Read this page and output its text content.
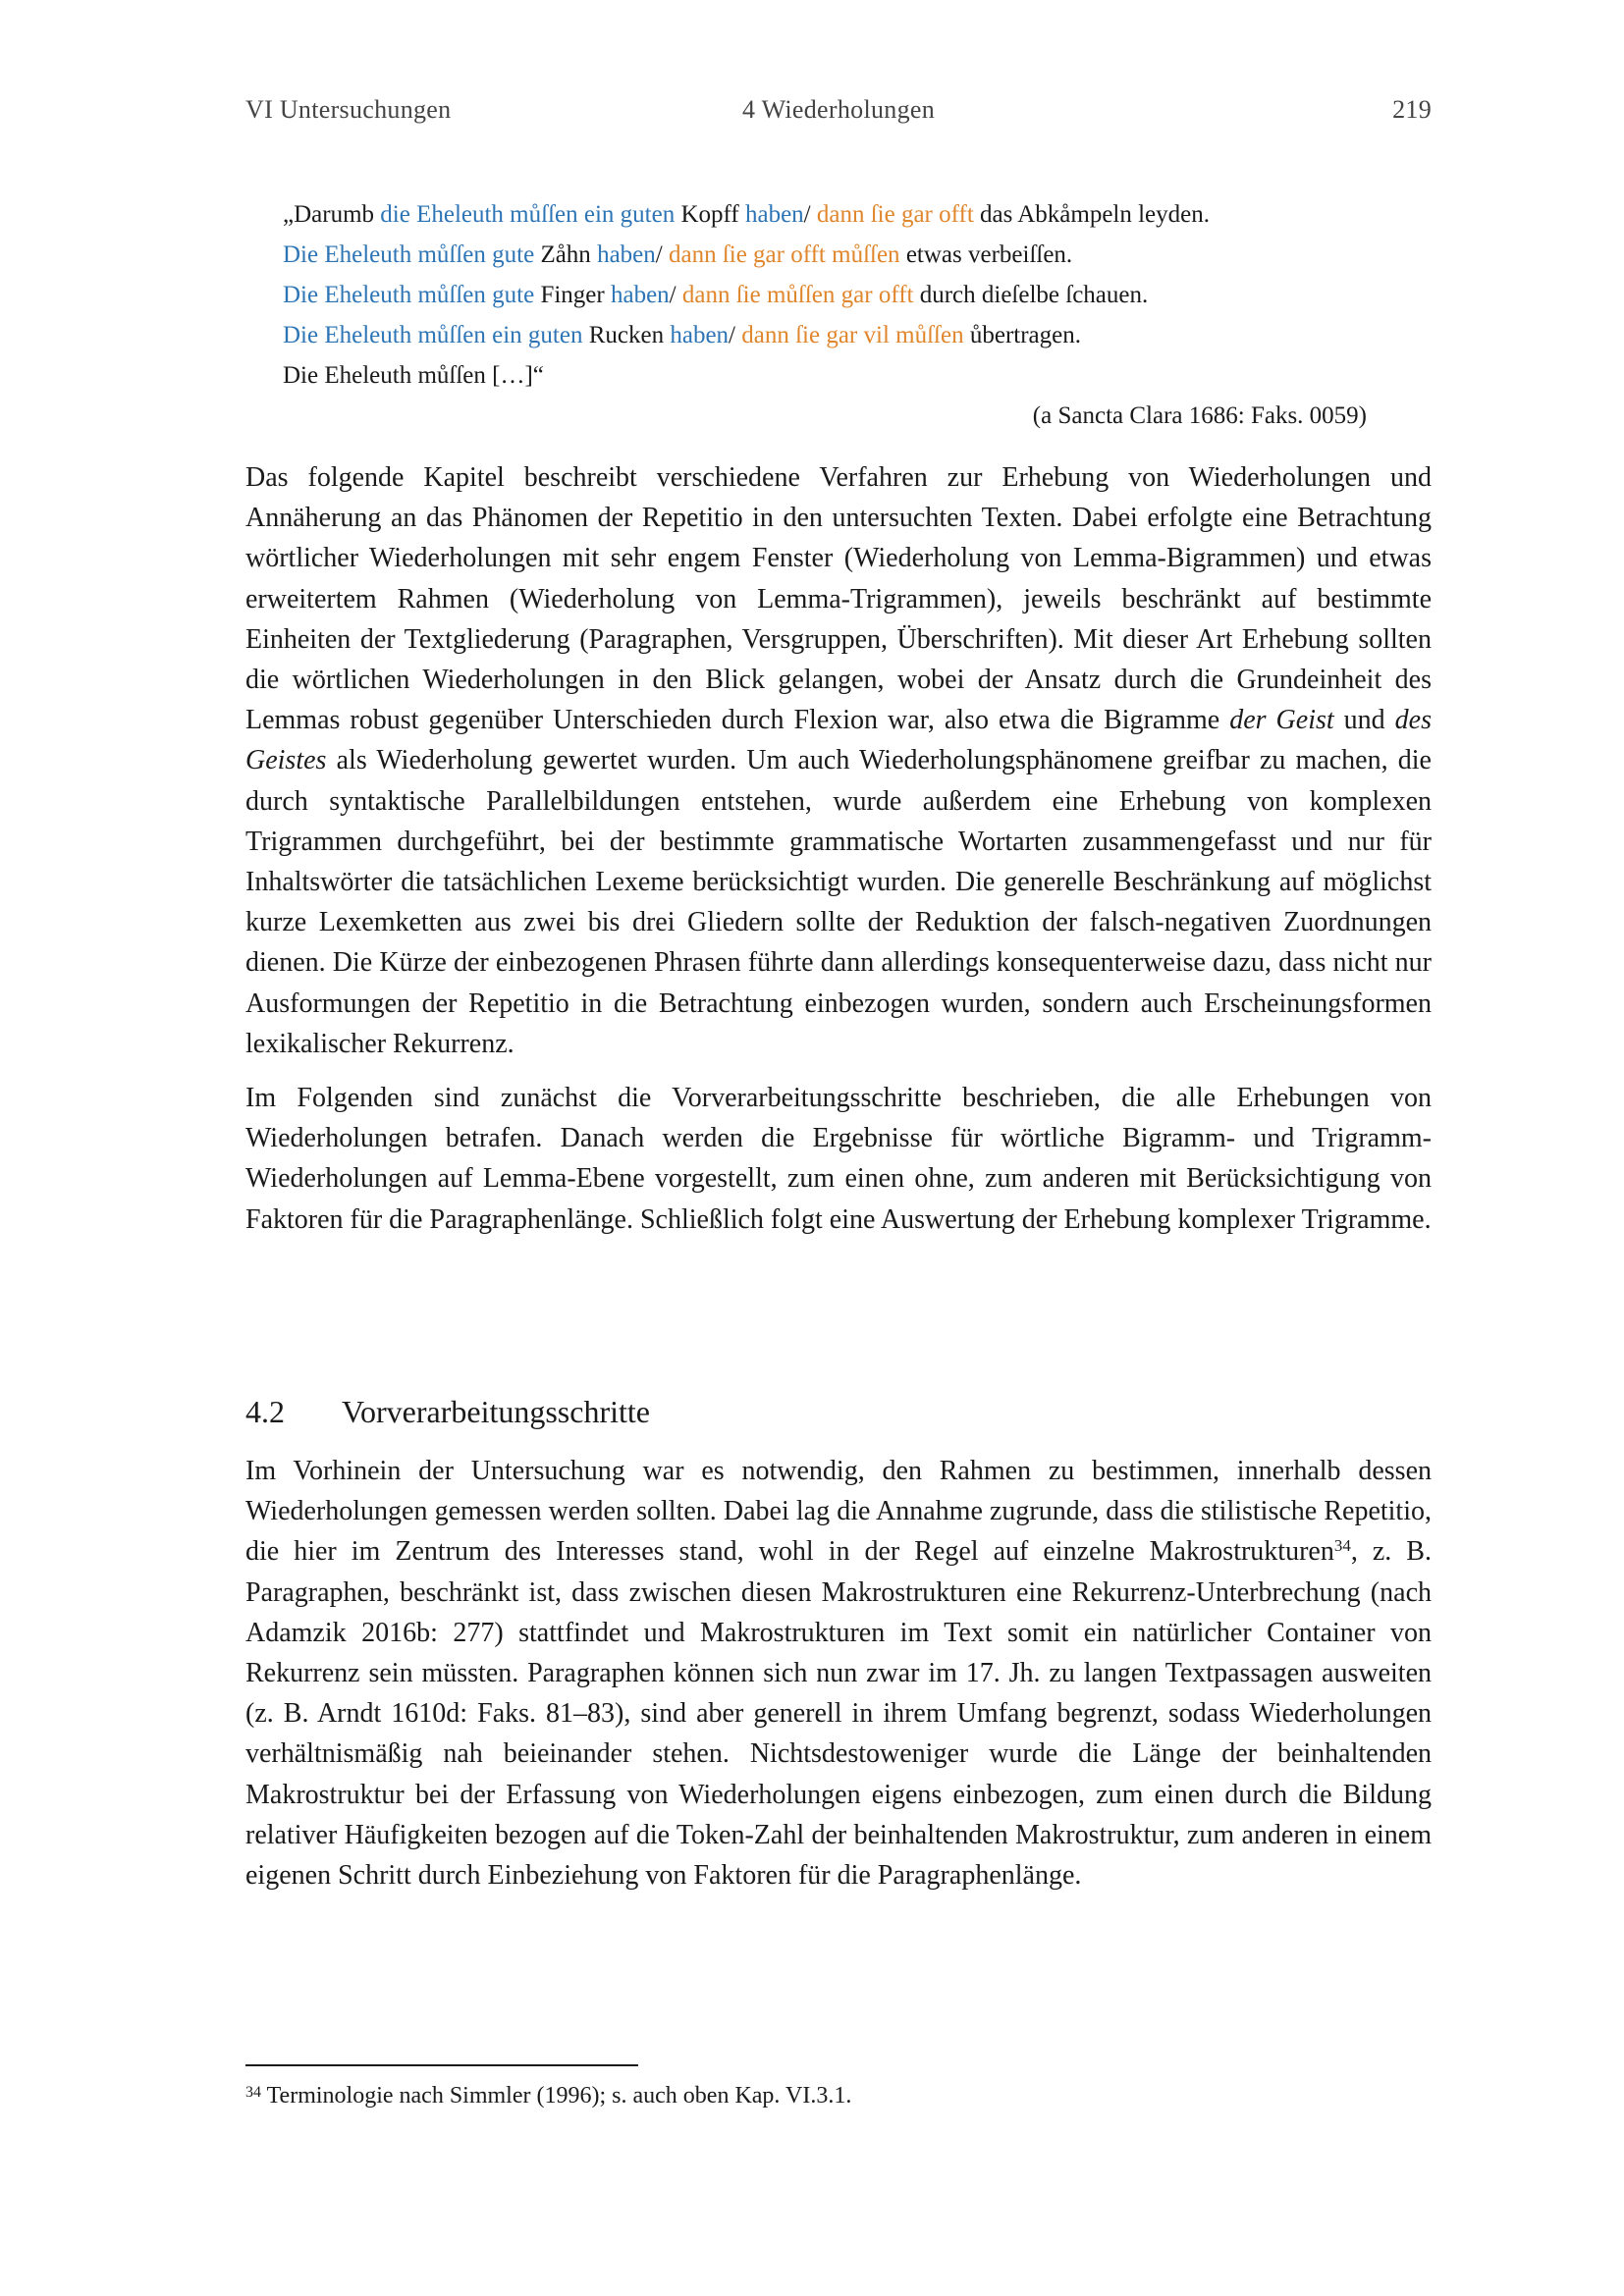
VI Untersuchungen	4 Wiederholungen	219
„Darumb die Eheleuth můſſen ein guten Kopff haben/ dann ſie gar offt das Abkåmpeln leyden.
Die Eheleuth můſſen gute Zåhn haben/ dann ſie gar offt můſſen etwas verbeiſſen.
Die Eheleuth můſſen gute Finger haben/ dann ſie můſſen gar offt durch dieſelbe ſchauen.
Die Eheleuth můſſen ein guten Rucken haben/ dann ſie gar vil můſſen ůbertragen.
Die Eheleuth můſſen […]“
(a Sancta Clara 1686: Faks. 0059)

Das folgende Kapitel beschreibt verschiedene Verfahren zur Erhebung von Wiederholungen und Annäherung an das Phänomen der Repetitio in den untersuchten Texten. Dabei erfolgte eine Betrachtung wörtlicher Wiederholungen mit sehr engem Fenster (Wiederholung von Lemma-Bigrammen) und etwas erweitertem Rahmen (Wiederholung von Lemma-Trigrammen), jeweils beschränkt auf bestimmte Einheiten der Textgliederung (Paragraphen, Versgruppen, Überschriften). Mit dieser Art Erhebung sollten die wörtlichen Wiederholungen in den Blick gelangen, wobei der Ansatz durch die Grundeinheit des Lemmas robust gegenüber Unterschieden durch Flexion war, also etwa die Bigramme der Geist und des Geistes als Wiederholung gewertet wurden. Um auch Wiederholungsphänomene greifbar zu machen, die durch syntaktische Parallelbildungen entstehen, wurde außerdem eine Erhebung von komplexen Trigrammen durchgeführt, bei der bestimmte grammatische Wortarten zusammengefasst und nur für Inhaltswörter die tatsächlichen Lexeme berücksichtigt wurden. Die generelle Beschränkung auf möglichst kurze Lexemketten aus zwei bis drei Gliedern sollte der Reduktion der falsch-negativen Zuordnungen dienen. Die Kürze der einbezogenen Phrasen führte dann allerdings konsequenterweise dazu, dass nicht nur Ausformungen der Repetitio in die Betrachtung einbezogen wurden, sondern auch Erscheinungsformen lexikalischer Rekurrenz.

Im Folgenden sind zunächst die Vorverarbeitungsschritte beschrieben, die alle Erhebungen von Wiederholungen betrafen. Danach werden die Ergebnisse für wörtliche Bigramm- und Trigramm-Wiederholungen auf Lemma-Ebene vorgestellt, zum einen ohne, zum anderen mit Berücksichtigung von Faktoren für die Paragraphenlänge. Schließlich folgt eine Auswertung der Erhebung komplexer Trigramme.

4.2 Vorverarbeitungsschritte

Im Vorhinein der Untersuchung war es notwendig, den Rahmen zu bestimmen, innerhalb dessen Wiederholungen gemessen werden sollten. Dabei lag die Annahme zugrunde, dass die stilistische Repetitio, die hier im Zentrum des Interesses stand, wohl in der Regel auf einzelne Makrostrukturen$^{34}$, z. B. Paragraphen, beschränkt ist, dass zwischen diesen Makrostrukturen eine Rekurrenz-Unterbrechung (nach Adamzik 2016b: 277) stattfindet und Makrostrukturen im Text somit ein natürlicher Container von Rekurrenz sein müssten. Paragraphen können sich nun zwar im 17. Jh. zu langen Textpassagen ausweiten (z. B. Arndt 1610d: Faks. 81–83), sind aber generell in ihrem Umfang begrenzt, sodass Wiederholungen verhältnismäßig nah beieinander stehen. Nichtsdestoweniger wurde die Länge der beinhaltenden Makrostruktur bei der Erfassung von Wiederholungen eigens einbezogen, zum einen durch die Bildung relativer Häufigkeiten bezogen auf die Token-Zahl der beinhaltenden Makrostruktur, zum anderen in einem eigenen Schritt durch Einbeziehung von Faktoren für die Paragraphenlänge.

$^{34}$ Terminologie nach Simmler (1996); s. auch oben Kap. VI.3.1.
